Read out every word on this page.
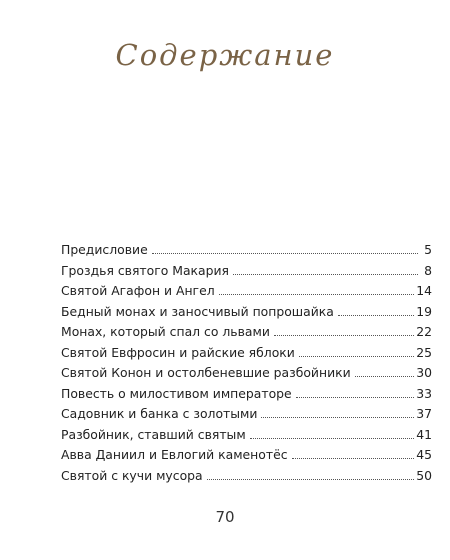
Содержание
Предисловие	5
Гроздья святого Макария	8
Святой Агафон и Ангел	14
Бедный монах и заносчивый попрошайка	19
Монах, который спал со львами	22
Святой Евфросин и райские яблоки	25
Святой Конон и остолбеневшие разбойники	30
Повесть о милостивом императоре	33
Садовник и банка с золотыми	37
Разбойник, ставший святым	41
Авва Даниил и Евлогий каменотёс	45
Святой с кучи мусора	50
70
